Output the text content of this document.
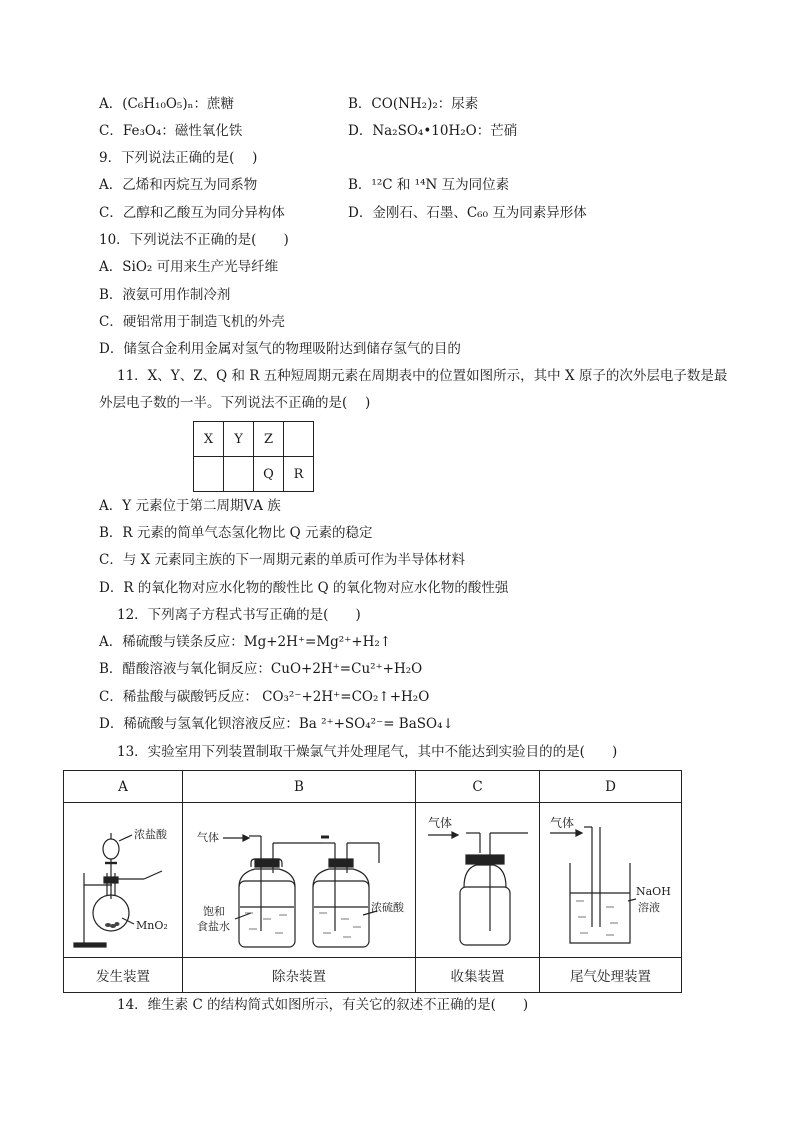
A．(C₆H₁₀O₅)ₙ：蔗糖	B．CO(NH₂)₂：尿素
C．Fe₃O₄：磁性氧化铁	D．Na₂SO₄•10H₂O：芒硝
9．下列说法正确的是(　 )
A．乙烯和丙烷互为同系物	B．¹²C 和 ¹⁴N 互为同位素
C．乙醇和乙酸互为同分异构体	D．金刚石、石墨、C₆₀ 互为同素异形体
10．下列说法不正确的是(　　)
A．SiO₂ 可用来生产光导纤维
B．液氨可用作制冷剂
C．硬铝常用于制造飞机的外壳
D．储氢合金利用金属对氢气的物理吸附达到储存氢气的目的
11．X、Y、Z、Q 和 R 五种短周期元素在周期表中的位置如图所示，其中 X 原子的次外层电子数是最
外层电子数的一半。下列说法不正确的是(　 )
X	Y	Z	
		Q	R
A．Y 元素位于第二周期ⅤA 族
B．R 元素的简单气态氢化物比 Q 元素的稳定
C．与 X 元素同主族的下一周期元素的单质可作为半导体材料
D．R 的氧化物对应水化物的酸性比 Q 的氧化物对应水化物的酸性强
12．下列离子方程式书写正确的是(　　)
A．稀硫酸与镁条反应：Mg+2H⁺=Mg²⁺+H₂↑
B．醋酸溶液与氧化铜反应：CuO+2H⁺=Cu²⁺+H₂O
C．稀盐酸与碳酸钙反应： CO₃²⁻+2H⁺=CO₂↑+H₂O
D．稀硫酸与氢氧化钡溶液反应：Ba ²⁺+SO₄²⁻= BaSO₄↓
13．实验室用下列装置制取干燥氯气并处理尾气，其中不能达到实验目的的是(　　)
A	B	C	D

浓盐酸
MnO₂	气体
饱和
食盐水
浓硫酸	气体	气体
NaOH
溶液

发生装置	除杂装置	收集装置	尾气处理装置
14．维生素 C 的结构简式如图所示，有关它的叙述不正确的是(　　)
